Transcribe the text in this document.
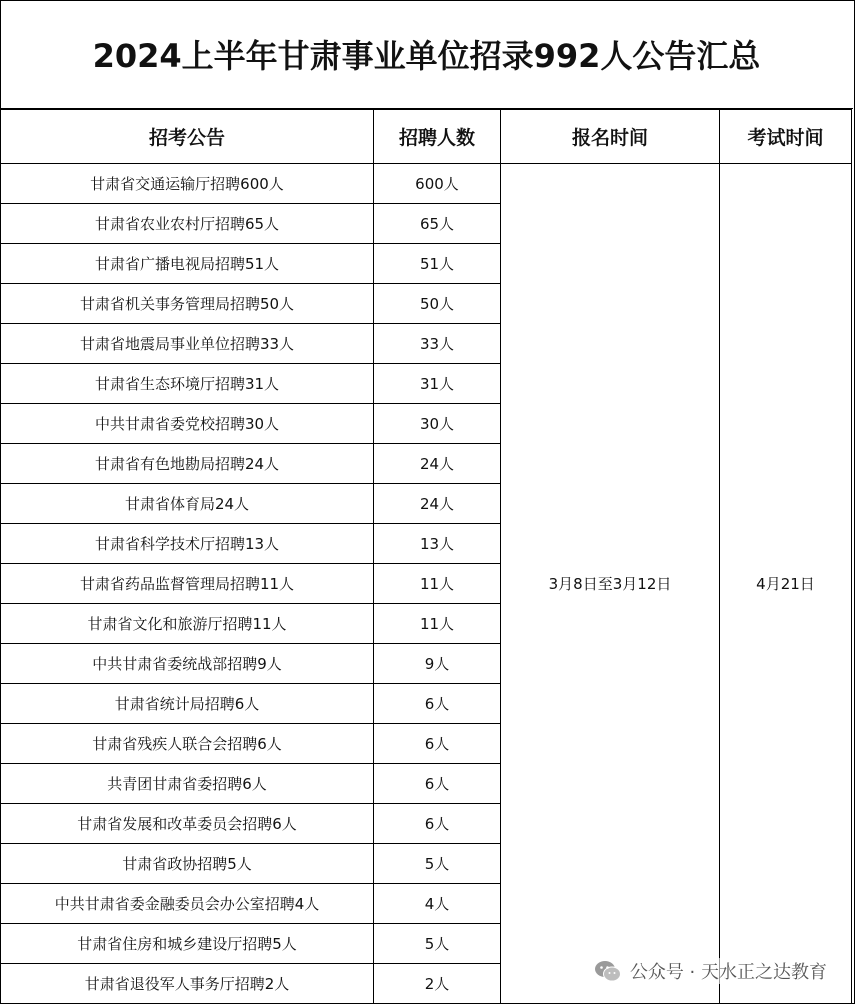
2024上半年甘肃事业单位招录992人公告汇总
招考公告	招聘人数	报名时间	考试时间
甘肃省交通运输厅招聘600人	600人	3月8日至3月12日	4月21日
甘肃省农业农村厅招聘65人	65人		
甘肃省广播电视局招聘51人	51人		
甘肃省机关事务管理局招聘50人	50人		
甘肃省地震局事业单位招聘33人	33人		
甘肃省生态环境厅招聘31人	31人		
中共甘肃省委党校招聘30人	30人		
甘肃省有色地勘局招聘24人	24人		
甘肃省体育局24人	24人		
甘肃省科学技术厅招聘13人	13人		
甘肃省药品监督管理局招聘11人	11人		
甘肃省文化和旅游厅招聘11人	11人		
中共甘肃省委统战部招聘9人	9人		
甘肃省统计局招聘6人	6人		
甘肃省残疾人联合会招聘6人	6人		
共青团甘肃省委招聘6人	6人		
甘肃省发展和改革委员会招聘6人	6人		
甘肃省政协招聘5人	5人		
中共甘肃省委金融委员会办公室招聘4人	4人		
甘肃省住房和城乡建设厅招聘5人	5人		
甘肃省退役军人事务厅招聘2人	2人		
公众号 · 天水正之达教育
